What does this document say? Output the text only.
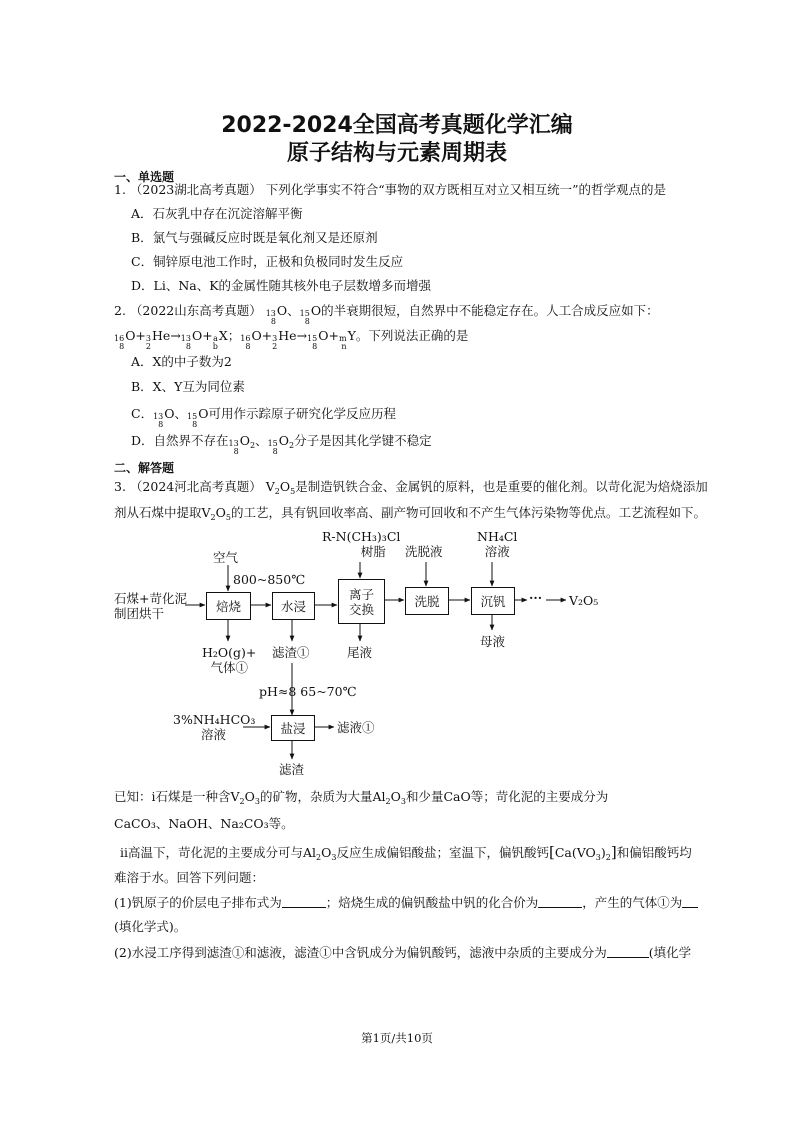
2022-2024全国高考真题化学汇编
原子结构与元素周期表
一、单选题
1. （2023湖北高考真题） 下列化学事实不符合“事物的双方既相互对立又相互统一”的哲学观点的是
A．石灰乳中存在沉淀溶解平衡
B．氯气与强碱反应时既是氧化剂又是还原剂
C．铜锌原电池工作时，正极和负极同时发生反应
D．Li、Na、K的金属性随其核外电子层数增多而增强
2. （2022山东高考真题） 13
8
O、 15
8
O的半衰期很短，自然界中不能稳定存在。人工合成反应如下：
16
8
O+ 3
2
He→ 13
8
O+ a
b
X； 16
8
O+ 3
2
He→ 15
8
O+ m
n
Y。下列说法正确的是
A．X的中子数为2
B．X、Y互为同位素
C． 13
8
O、 15
8
O可用作示踪原子研究化学反应历程
D．自然界不存在 13
8
$O_2$、 15
8
$O_2$分子是因其化学键不稳定
二、解答题
3. （2024河北高考真题） $V_2O_5$是制造钒铁合金、金属钒的原料，也是重要的催化剂。以苛化泥为焙烧添加
剂从石煤中提取$V_2O_5$的工艺，具有钒回收率高、副产物可回收和不产生气体污染物等优点。工艺流程如下。
石煤+苛化泥
制团烘干
空气
800~850℃
焙烧
H₂O(g)+
气体①
水浸
滤渣①
R-N(CH₃)₃Cl
树脂
离子
交换
尾液
洗脱液
洗脱
NH₄Cl
溶液
沉钒
母液
··· V₂O₅
pH≈8 65~70℃
3%NH₄HCO₃
溶液	盐浸	滤液①
滤渣
已知：i石煤是一种含$V_2O_3$的矿物，杂质为大量$Al_2O_3$和少量CaO等；苛化泥的主要成分为
CaCO₃、NaOH、Na₂CO₃等。
ii高温下，苛化泥的主要成分可与$Al_2O_3$反应生成偏铝酸盐；室温下，偏钒酸钙$[Ca(VO_3)_2]$和偏铝酸钙均
难溶于水。回答下列问题：
(1)钒原子的价层电子排布式为	；焙烧生成的偏钒酸盐中钒的化合价为	，产生的气体①为
(填化学式)。
(2)水浸工序得到滤渣①和滤液，滤渣①中含钒成分为偏钒酸钙，滤液中杂质的主要成分为	(填化学
第1页/共10页
